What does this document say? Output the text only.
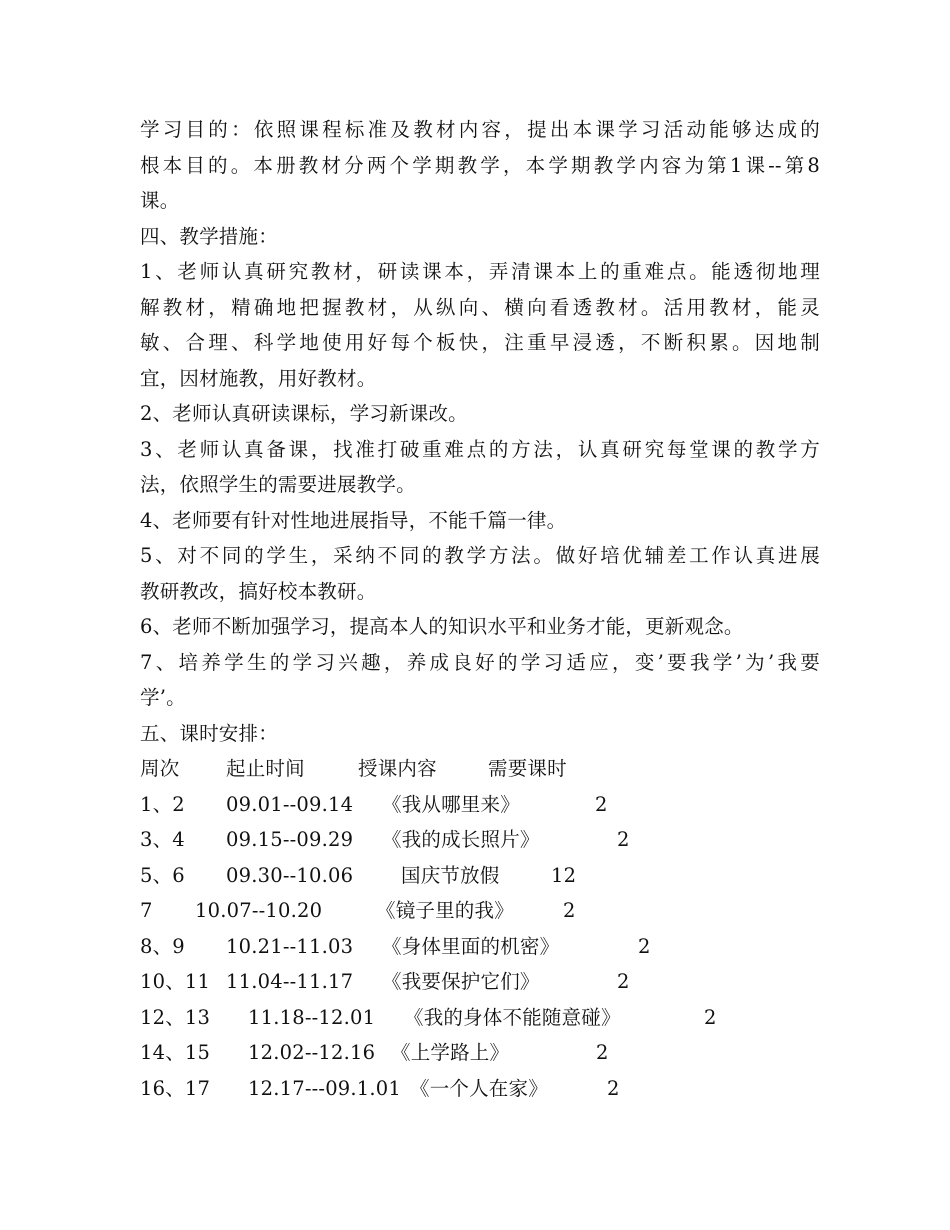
学习目的：依照课程标准及教材内容，提出本课学习活动能够达成的
根本目的。本册教材分两个学期教学，本学期教学内容为第1课--第8
课。
四、教学措施：
1、老师认真研究教材，研读课本，弄清课本上的重难点。能透彻地理
解教材，精确地把握教材，从纵向、横向看透教材。活用教材，能灵
敏、合理、科学地使用好每个板快，注重早浸透，不断积累。因地制
宜，因材施教，用好教材。
2、老师认真研读课标，学习新课改。
3、老师认真备课，找准打破重难点的方法，认真研究每堂课的教学方
法，依照学生的需要进展教学。
4、老师要有针对性地进展指导，不能千篇一律。
5、对不同的学生，采纳不同的教学方法。做好培优辅差工作认真进展
教研教改，搞好校本教研。
6、老师不断加强学习，提高本人的知识水平和业务才能，更新观念。
7、培养学生的学习兴趣，养成良好的学习适应，变’要我学’为’我要
学’。
五、课时安排：
周次 起止时间	授课内容	需要课时
1、2 09.01--09.14 《我从哪里来》	2
3、4 09.15--09.29 《我的成长照片》	2
5、6 09.30--10.06 国庆节放假	12
7 10.07--10.20	《镜子里的我》	2
8、9 10.21--11.03 《身体里面的机密》	2
10、11 11.04--11.17 《我要保护它们》	2
12、13 11.18--12.01 《我的身体不能随意碰》	2
14、15 12.02--12.16 《上学路上》	2
16、17 12.17---09.1.01 《一个人在家》	2
